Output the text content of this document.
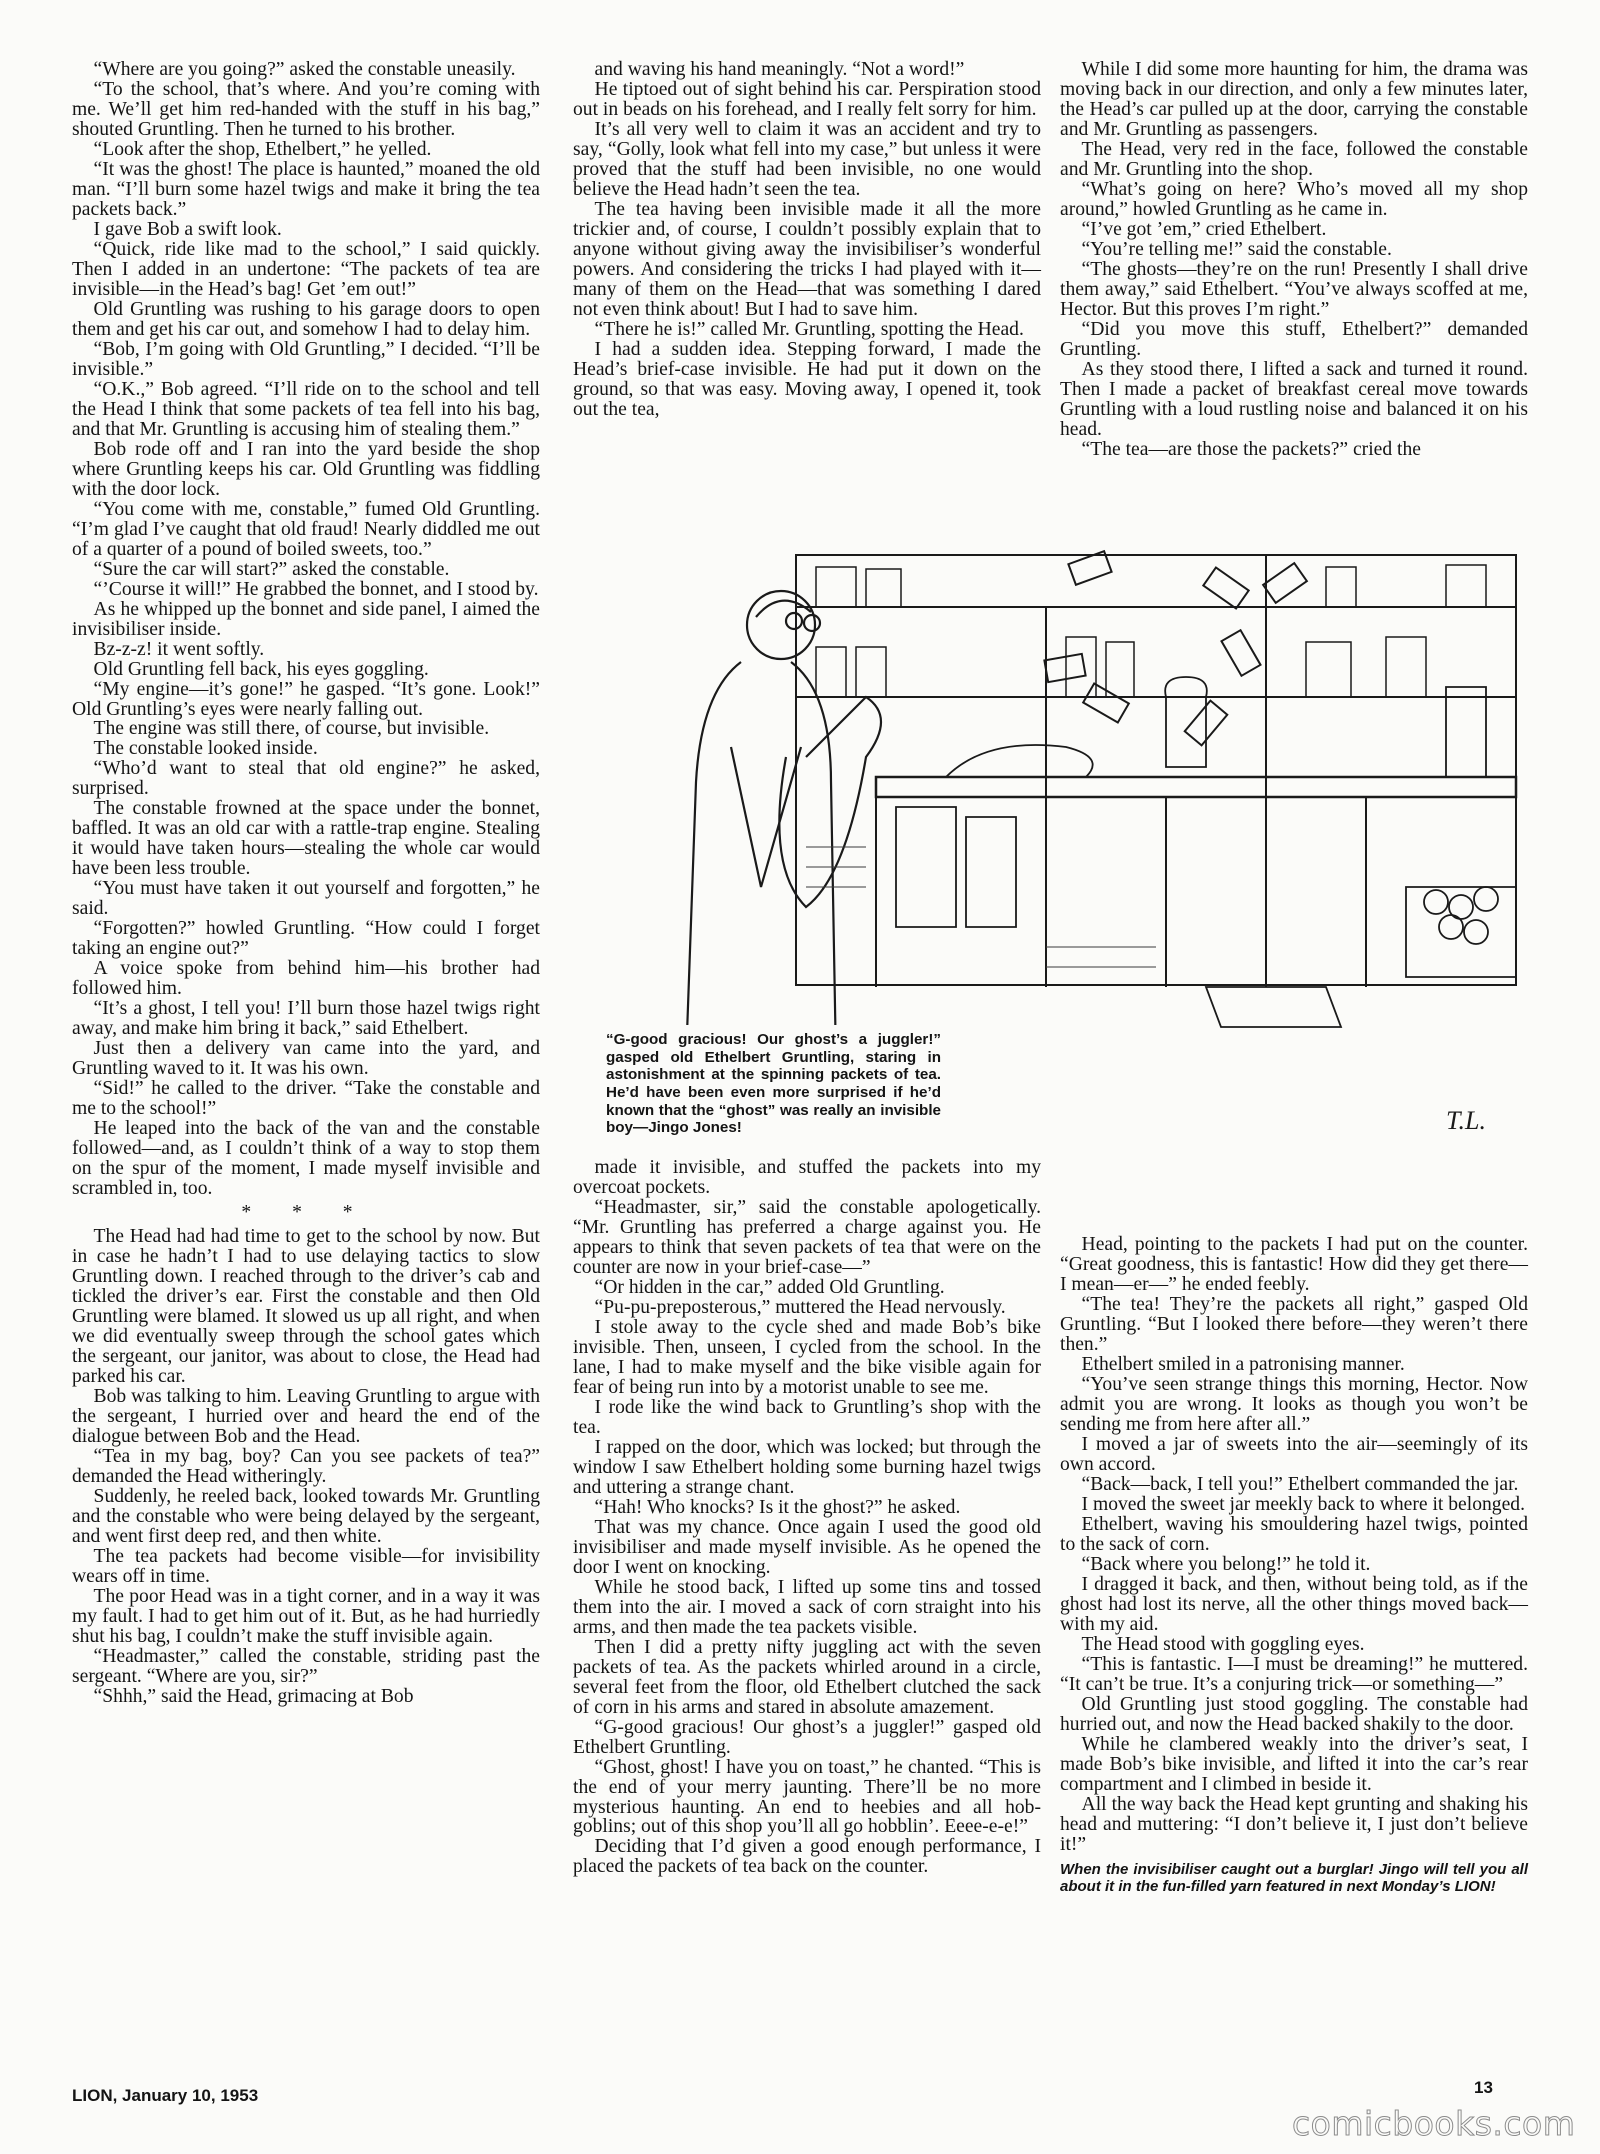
“Where are you going?” asked the constable uneasily.

“To the school, that’s where. And you’re coming with me. We’ll get him red-handed with the stuff in his bag,” shouted Gruntling. Then he turned to his brother.

“Look after the shop, Ethelbert,” he yelled.

“It was the ghost! The place is haunted,” moaned the old man. “I’ll burn some hazel twigs and make it bring the tea packets back.”

I gave Bob a swift look.

“Quick, ride like mad to the school,” I said quickly. Then I added in an undertone: “The packets of tea are invisible—in the Head’s bag! Get ’em out!”

Old Gruntling was rushing to his garage doors to open them and get his car out, and somehow I had to delay him.

“Bob, I’m going with Old Gruntling,” I decided. “I’ll be invisible.”

“O.K.,” Bob agreed. “I’ll ride on to the school and tell the Head I think that some packets of tea fell into his bag, and that Mr. Gruntling is accusing him of stealing them.”

Bob rode off and I ran into the yard beside the shop where Gruntling keeps his car. Old Gruntling was fiddling with the door lock.

“You come with me, constable,” fumed Old Gruntling. “I’m glad I’ve caught that old fraud! Nearly diddled me out of a quarter of a pound of boiled sweets, too.”

“Sure the car will start?” asked the constable.

“’Course it will!” He grabbed the bonnet, and I stood by.

As he whipped up the bonnet and side panel, I aimed the invisibiliser inside.

Bz-z-z! it went softly.

Old Gruntling fell back, his eyes goggling.

“My engine—it’s gone!” he gasped. “It’s gone. Look!” Old Gruntling’s eyes were nearly falling out.

The engine was still there, of course, but invisible.

The constable looked inside.

“Who’d want to steal that old engine?” he asked, surprised.

The constable frowned at the space under the bonnet, baffled. It was an old car with a rattle-trap engine. Stealing it would have taken hours—stealing the whole car would have been less trouble.

“You must have taken it out yourself and forgotten,” he said.

“Forgotten?” howled Gruntling. “How could I forget taking an engine out?”

A voice spoke from behind him—his brother had followed him.

“It’s a ghost, I tell you! I’ll burn those hazel twigs right away, and make him bring it back,” said Ethelbert.

Just then a delivery van came into the yard, and Gruntling waved to it. It was his own.

“Sid!” he called to the driver. “Take the constable and me to the school!”

He leaped into the back of the van and the constable followed—and, as I couldn’t think of a way to stop them on the spur of the moment, I made myself invisible and scrambled in, too.

* * *

The Head had had time to get to the school by now. But in case he hadn’t I had to use delaying tactics to slow Gruntling down. I reached through to the driver’s cab and tickled the driver’s ear. First the constable and then Old Gruntling were blamed. It slowed us up all right, and when we did eventually sweep through the school gates which the sergeant, our janitor, was about to close, the Head had parked his car.

Bob was talking to him. Leaving Gruntling to argue with the sergeant, I hurried over and heard the end of the dialogue between Bob and the Head.

“Tea in my bag, boy? Can you see packets of tea?” demanded the Head witheringly.

Suddenly, he reeled back, looked towards Mr. Gruntling and the constable who were being delayed by the sergeant, and went first deep red, and then white.

The tea packets had become visible—for invisibility wears off in time.

The poor Head was in a tight corner, and in a way it was my fault. I had to get him out of it. But, as he had hurriedly shut his bag, I couldn’t make the stuff invisible again.

“Headmaster,” called the constable, striding past the sergeant. “Where are you, sir?”

“Shhh,” said the Head, grimacing at Bob

and waving his hand meaningly. “Not a word!”

He tiptoed out of sight behind his car. Perspiration stood out in beads on his forehead, and I really felt sorry for him.

It’s all very well to claim it was an accident and try to say, “Golly, look what fell into my case,” but unless it were proved that the stuff had been invisible, no one would believe the Head hadn’t seen the tea.

The tea having been invisible made it all the more trickier and, of course, I couldn’t possibly explain that to anyone without giving away the invisibiliser’s wonderful powers. And considering the tricks I had played with it—many of them on the Head—that was something I dared not even think about! But I had to save him.

“There he is!” called Mr. Gruntling, spotting the Head.

I had a sudden idea. Stepping forward, I made the Head’s brief-case invisible. He had put it down on the ground, so that was easy. Moving away, I opened it, took out the tea,

While I did some more haunting for him, the drama was moving back in our direction, and only a few minutes later, the Head’s car pulled up at the door, carrying the constable and Mr. Gruntling as passengers.

The Head, very red in the face, followed the constable and Mr. Gruntling into the shop.

“What’s going on here? Who’s moved all my shop around,” howled Gruntling as he came in.

“I’ve got ’em,” cried Ethelbert.

“You’re telling me!” said the constable.

“The ghosts—they’re on the run! Presently I shall drive them away,” said Ethelbert. “You’ve always scoffed at me, Hector. But this proves I’m right.”

“Did you move this stuff, Ethelbert?” demanded Gruntling.

As they stood there, I lifted a sack and turned it round. Then I made a packet of breakfast cereal move towards Gruntling with a loud rustling noise and balanced it on his head.

“The tea—are those the packets?” cried the

T.L.
“G-good gracious! Our ghost’s a juggler!” gasped old Ethelbert Gruntling, staring in astonishment at the spinning packets of tea. He’d have been even more surprised if he’d known that the “ghost” was really an invisible boy—Jingo Jones!

made it invisible, and stuffed the packets into my overcoat pockets.

“Headmaster, sir,” said the constable apologetically. “Mr. Gruntling has preferred a charge against you. He appears to think that seven packets of tea that were on the counter are now in your brief-case—”

“Or hidden in the car,” added Old Gruntling.

“Pu-pu-preposterous,” muttered the Head nervously.

I stole away to the cycle shed and made Bob’s bike invisible. Then, unseen, I cycled from the school. In the lane, I had to make myself and the bike visible again for fear of being run into by a motorist unable to see me.

I rode like the wind back to Gruntling’s shop with the tea.

I rapped on the door, which was locked; but through the window I saw Ethelbert holding some burning hazel twigs and uttering a strange chant.

“Hah! Who knocks? Is it the ghost?” he asked.

That was my chance. Once again I used the good old invisibiliser and made myself invisible. As he opened the door I went on knocking.

While he stood back, I lifted up some tins and tossed them into the air. I moved a sack of corn straight into his arms, and then made the tea packets visible.

Then I did a pretty nifty juggling act with the seven packets of tea. As the packets whirled around in a circle, several feet from the floor, old Ethelbert clutched the sack of corn in his arms and stared in absolute amazement.

“G-good gracious! Our ghost’s a juggler!” gasped old Ethelbert Gruntling.

“Ghost, ghost! I have you on toast,” he chanted. “This is the end of your merry jaunting. There’ll be no more mysterious haunting. An end to heebies and all hob-goblins; out of this shop you’ll all go hobblin’. Eeee-e-e!”

Deciding that I’d given a good enough performance, I placed the packets of tea back on the counter.

Head, pointing to the packets I had put on the counter. “Great goodness, this is fantastic! How did they get there—I mean—er—” he ended feebly.

“The tea! They’re the packets all right,” gasped Old Gruntling. “But I looked there before—they weren’t there then.”

Ethelbert smiled in a patronising manner.

“You’ve seen strange things this morning, Hector. Now admit you are wrong. It looks as though you won’t be sending me from here after all.”

I moved a jar of sweets into the air—seemingly of its own accord.

“Back—back, I tell you!” Ethelbert commanded the jar.

I moved the sweet jar meekly back to where it belonged.

Ethelbert, waving his smouldering hazel twigs, pointed to the sack of corn.

“Back where you belong!” he told it.

I dragged it back, and then, without being told, as if the ghost had lost its nerve, all the other things moved back—with my aid.

The Head stood with goggling eyes.

“This is fantastic. I—I must be dreaming!” he muttered. “It can’t be true. It’s a conjuring trick—or something—”

Old Gruntling just stood goggling. The constable had hurried out, and now the Head backed shakily to the door.

While he clambered weakly into the driver’s seat, I made Bob’s bike invisible, and lifted it into the car’s rear compartment and I climbed in beside it.

All the way back the Head kept grunting and shaking his head and muttering: “I don’t believe it, I just don’t believe it!”

When the invisibiliser caught out a burglar! Jingo will tell you all about it in the fun-filled yarn featured in next Monday’s LION!

LION, January 10, 1953	13
comicbooks.com
